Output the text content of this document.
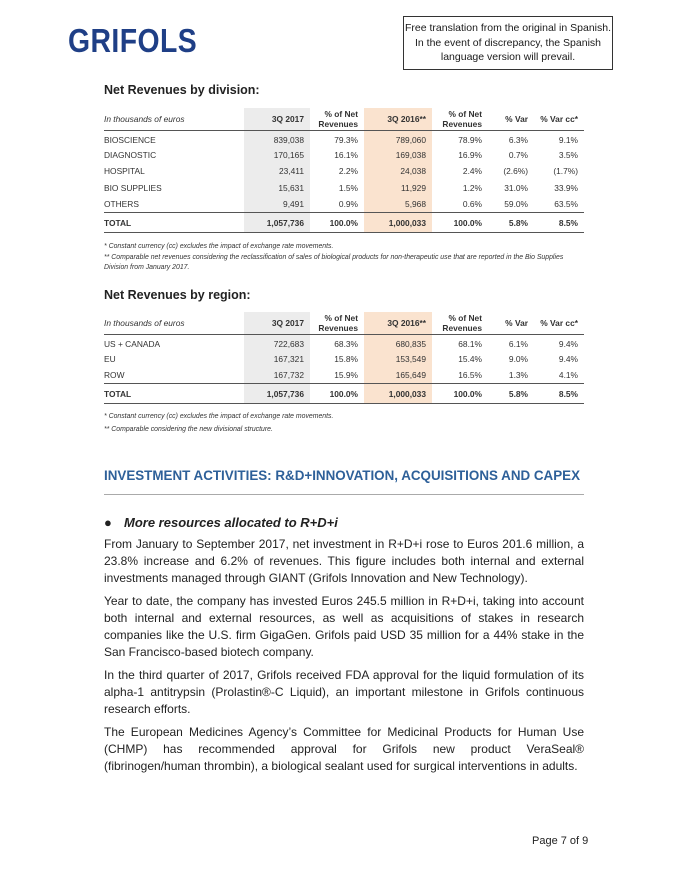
GRIFOLS	Free translation from the original in Spanish. In the event of discrepancy, the Spanish language version will prevail.
Net Revenues by division:
In thousands of euros	3Q 2017	% of Net Revenues	3Q 2016**	% of Net Revenues	% Var	% Var cc*
BIOSCIENCE	839,038	79.3%	789,060	78.9%	6.3%	9.1%
DIAGNOSTIC	170,165	16.1%	169,038	16.9%	0.7%	3.5%
HOSPITAL	23,411	2.2%	24,038	2.4%	(2.6%)	(1.7%)
BIO SUPPLIES	15,631	1.5%	11,929	1.2%	31.0%	33.9%
OTHERS	9,491	0.9%	5,968	0.6%	59.0%	63.5%
TOTAL	1,057,736	100.0%	1,000,033	100.0%	5.8%	8.5%
* Constant currency (cc) excludes the impact of exchange rate movements.
** Comparable net revenues considering the reclassification of sales of biological products for non-therapeutic use that are reported in the Bio Supplies Division from January 2017.
Net Revenues by region:
In thousands of euros	3Q 2017	% of Net Revenues	3Q 2016**	% of Net Revenues	% Var	% Var cc*
US + CANADA	722,683	68.3%	680,835	68.1%	6.1%	9.4%
EU	167,321	15.8%	153,549	15.4%	9.0%	9.4%
ROW	167,732	15.9%	165,649	16.5%	1.3%	4.1%
TOTAL	1,057,736	100.0%	1,000,033	100.0%	5.8%	8.5%
* Constant currency (cc) excludes the impact of exchange rate movements.
** Comparable considering the new divisional structure.
INVESTMENT ACTIVITIES: R&D+INNOVATION, ACQUISITIONS AND CAPEX
● More resources allocated to R+D+i

From January to September 2017, net investment in R+D+i rose to Euros 201.6 million, a 23.8% increase and 6.2% of revenues. This figure includes both internal and external investments managed through GIANT (Grifols Innovation and New Technology).

Year to date, the company has invested Euros 245.5 million in R+D+i, taking into account both internal and external resources, as well as acquisitions of stakes in research companies like the U.S. firm GigaGen. Grifols paid USD 35 million for a 44% stake in the San Francisco-based biotech company.

In the third quarter of 2017, Grifols received FDA approval for the liquid formulation of its alpha-1 antitrypsin (Prolastin®-C Liquid), an important milestone in Grifols continuous research efforts.

The European Medicines Agency’s Committee for Medicinal Products for Human Use (CHMP) has recommended approval for Grifols new product VeraSeal® (fibrinogen/human thrombin), a biological sealant used for surgical interventions in adults.

Page 7 of 9
